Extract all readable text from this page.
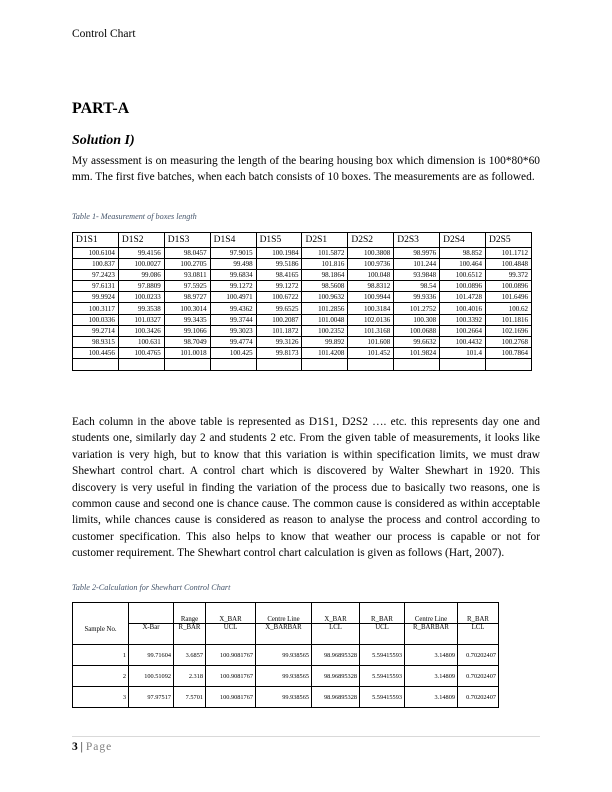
Control Chart
PART-A
Solution I)

My assessment is on measuring the length of the bearing housing box which dimension is 100*80*60 mm. The first five batches, when each batch consists of 10 boxes. The measurements are as followed.

Table 1- Measurement of boxes length
D1S1	D1S2	D1S3	D1S4	D1S5	D2S1	D2S2	D2S3	D2S4	D2S5
100.6104	99.4156	98.0457	97.9015	100.1984	101.5872	100.3808	98.9976	98.852	101.1712
100.837	100.0027	100.2705	99.498	99.5186	101.816	100.9736	101.244	100.464	100.4848
97.2423	99.086	93.0811	99.6834	98.4165	98.1864	100.048	93.9848	100.6512	99.372
97.6131	97.8809	97.5925	99.1272	99.1272	98.5608	98.8312	98.54	100.0896	100.0896
99.9924	100.0233	98.9727	100.4971	100.6722	100.9632	100.9944	99.9336	101.4728	101.6496
100.3117	99.3538	100.3014	99.4362	99.6525	101.2856	100.3184	101.2752	100.4016	100.62
100.0336	101.0327	99.3435	99.3744	100.2087	101.0048	102.0136	100.308	100.3392	101.1816
99.2714	100.3426	99.1066	99.3023	101.1872	100.2352	101.3168	100.0688	100.2664	102.1696
98.9315	100.631	98.7049	99.4774	99.3126	99.892	101.608	99.6632	100.4432	100.2768
100.4456	100.4765	101.0018	100.425	99.8173	101.4208	101.452	101.9824	101.4	100.7864

Each column in the above table is represented as D1S1, D2S2 …. etc. this represents day one and students one, similarly day 2 and students 2 etc. From the given table of measurements, it looks like variation is very high, but to know that this variation is within specification limits, we must draw Shewhart control chart. A control chart which is discovered by Walter Shewhart in 1920. This discovery is very useful in finding the variation of the process due to basically two reasons, one is common cause and second one is chance cause. The common cause is considered as within acceptable limits, while chances cause is considered as reason to analyse the process and control according to customer specification. This also helps to know that weather our process is capable or not for customer requirement. The Shewhart control chart calculation is given as follows (Hart, 2007).

Table 2-Calculation for Shewhart Control Chart
		Range	X_BAR	Centre Line	X_BAR	R_BAR	Centre Line	R_BAR
Sample No.	X-Bar	R_BAR	UCL	X_BARBAR	LCL	UCL	R_BARBAR	LCL
1	99.71604	3.6857	100.9081767	99.938565	98.96895328	5.59415593	3.14809	0.70202407
2	100.51092	2.318	100.9081767	99.938565	98.96895328	5.59415593	3.14809	0.70202407
3	97.97517	7.5701	100.9081767	99.938565	98.96895328	5.59415593	3.14809	0.70202407
3 | Page
